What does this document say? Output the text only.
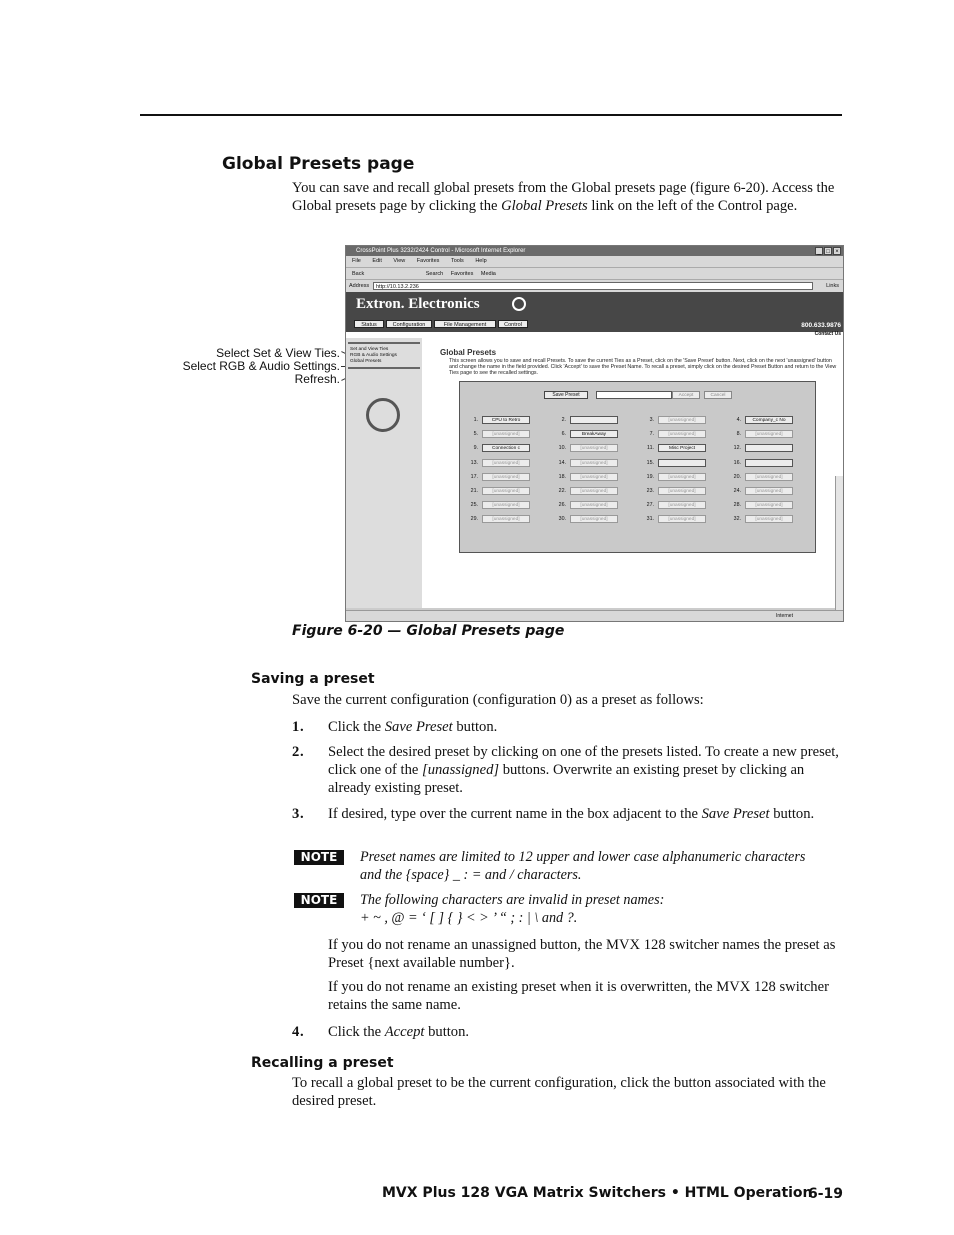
Global Presets page
You can save and recall global presets from the Global presets page (figure 6-20). Access the Global presets page by clicking the Global Presets link on the left of the Control page.
Select Set & View Ties.
Select RGB & Audio Settings.
Refresh.
CrossPoint Plus 3232/2424 Control - Microsoft Internet Explorer	_ □ ×
File Edit View Favorites Tools Help
Back	Search Favorites Media
Address	http://10.13.2.236	Links
Extron. Electronics
Status	Configuration	File Management	Control	800.633.9876
Contact Us
Set and View Ties
RGB & Audio Settings
Global Presets
Global Presets
This screen allows you to save and recall Presets. To save the current Ties as a Preset, click on the 'Save Preset' button. Next, click on the next 'unassigned' button and change the name in the field provided. Click 'Accept' to save the Preset Name. To recall a preset, simply click on the desired Preset Button and return to the View Ties page to see the recalled settings.
Save Preset	Accept	Cancel
1.	CPU to Retro	2.	3.	[unassigned]	4.	Company_c No
5.	[unassigned]	6.	BreakAway	7.	[unassigned]	8.	[unassigned]
9.	Connection c	10.	[unassigned]	11.	Misc Project	12.
13.	[unassigned]	14.	[unassigned]	15.	16.
17.	[unassigned]	18.	[unassigned]	19.	[unassigned]	20.	[unassigned]
21.	[unassigned]	22.	[unassigned]	23.	[unassigned]	24.	[unassigned]
25.	[unassigned]	26.	[unassigned]	27.	[unassigned]	28.	[unassigned]
29.	[unassigned]	30.	[unassigned]	31.	[unassigned]	32.	[unassigned]
Internet
Figure 6-20 — Global Presets page
Saving a preset
Save the current configuration (configuration 0) as a preset as follows:
1 . Click the Save Preset button.
2 . Select the desired preset by clicking on one of the presets listed. To create a new preset, click one of the [unassigned] buttons. Overwrite an existing preset by clicking an already existing preset.
3 . If desired, type over the current name in the box adjacent to the Save Preset button.
NOTE	Preset names are limited to 12 upper and lower case alphanumeric characters
and the {space} _ : = and / characters.
NOTE	The following characters are invalid in preset names:
+ ~ , @ = ‘ [ ] { } < > ’ “ ; : | \ and ?.
If you do not rename an unassigned button, the MVX 128 switcher names the preset as Preset {next available number}.
If you do not rename an existing preset when it is overwritten, the MVX 128 switcher retains the same name.
4 . Click the Accept button.
Recalling a preset
To recall a global preset to be the current configuration, click the button associated with the desired preset.
MVX Plus 128 VGA Matrix Switchers • HTML Operation
6-19
